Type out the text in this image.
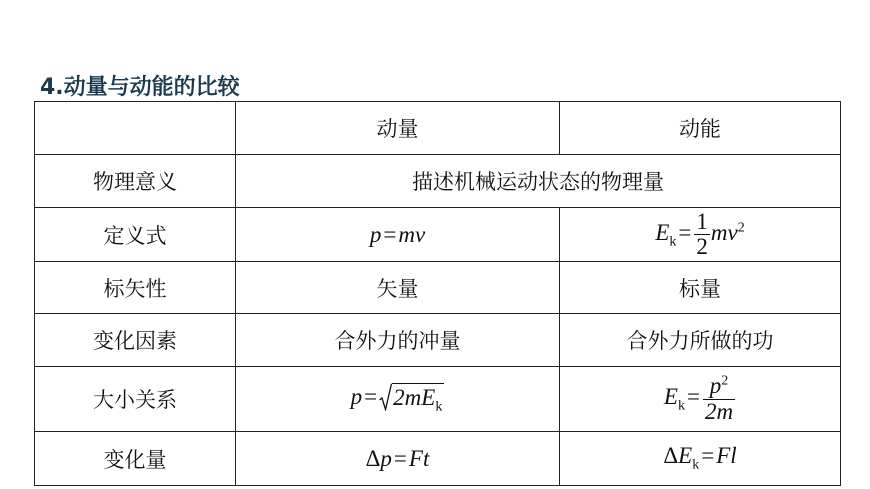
4.动量与动能的比较
	动量	动能
物理意义	描述机械运动状态的物理量	
定义式	p=mv	$E_k= \frac{1}{2} mv^2$
标矢性	矢量	标量
变化因素	合外力的冲量	合外力所做的功
大小关系	$p= 2mE_k$	$E_k= \frac{p^2}{2m}$

变化量	Δp=Ft	$\Delta E_k=Fl$
